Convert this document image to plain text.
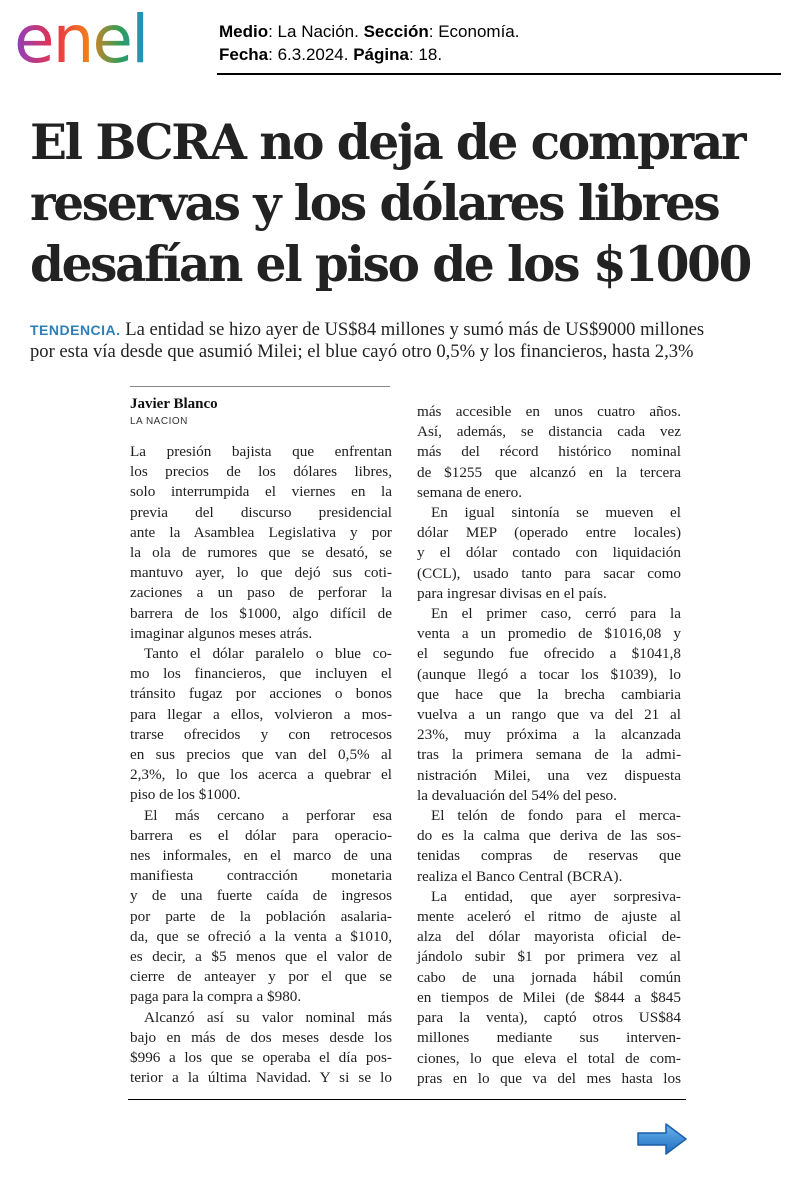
enel	Medio: La Nación. Sección: Economía.
Fecha: 6.3.2024. Página: 18.
El BCRA no deja de comprar
reservas y los dólares libres
desafían el piso de los $1000
TENDENCIA. La entidad se hizo ayer de US$84 millones y sumó más de US$9000 millones
por esta vía desde que asumió Milei; el blue cayó otro 0,5% y los financieros, hasta 2,3%
Javier Blanco
LA NACION
La presión bajista que enfrentan
los precios de los dólares libres,
solo interrumpida el viernes en la
previa del discurso presidencial
ante la Asamblea Legislativa y por
la ola de rumores que se desató, se
mantuvo ayer, lo que dejó sus coti-
zaciones a un paso de perforar la
barrera de los $1000, algo difícil de
imaginar algunos meses atrás.
Tanto el dólar paralelo o blue co-
mo los financieros, que incluyen el
tránsito fugaz por acciones o bonos
para llegar a ellos, volvieron a mos-
trarse ofrecidos y con retrocesos
en sus precios que van del 0,5% al
2,3%, lo que los acerca a quebrar el
piso de los $1000.
El más cercano a perforar esa
barrera es el dólar para operacio-
nes informales, en el marco de una
manifiesta contracción monetaria
y de una fuerte caída de ingresos
por parte de la población asalaria-
da, que se ofreció a la venta a $1010,
es decir, a $5 menos que el valor de
cierre de anteayer y por el que se
paga para la compra a $980.
Alcanzó así su valor nominal más
bajo en más de dos meses desde los
$996 a los que se operaba el día pos-
terior a la última Navidad. Y si se lo
más accesible en unos cuatro años.
Así, además, se distancia cada vez
más del récord histórico nominal
de $1255 que alcanzó en la tercera
semana de enero.
En igual sintonía se mueven el
dólar MEP (operado entre locales)
y el dólar contado con liquidación
(CCL), usado tanto para sacar como
para ingresar divisas en el país.
En el primer caso, cerró para la
venta a un promedio de $1016,08 y
el segundo fue ofrecido a $1041,8
(aunque llegó a tocar los $1039), lo
que hace que la brecha cambiaria
vuelva a un rango que va del 21 al
23%, muy próxima a la alcanzada
tras la primera semana de la admi-
nistración Milei, una vez dispuesta
la devaluación del 54% del peso.
El telón de fondo para el merca-
do es la calma que deriva de las sos-
tenidas compras de reservas que
realiza el Banco Central (BCRA).
La entidad, que ayer sorpresiva-
mente aceleró el ritmo de ajuste al
alza del dólar mayorista oficial de-
jándolo subir $1 por primera vez al
cabo de una jornada hábil común
en tiempos de Milei (de $844 a $845
para la venta), captó otros US$84
millones mediante sus interven-
ciones, lo que eleva el total de com-
pras en lo que va del mes hasta los
